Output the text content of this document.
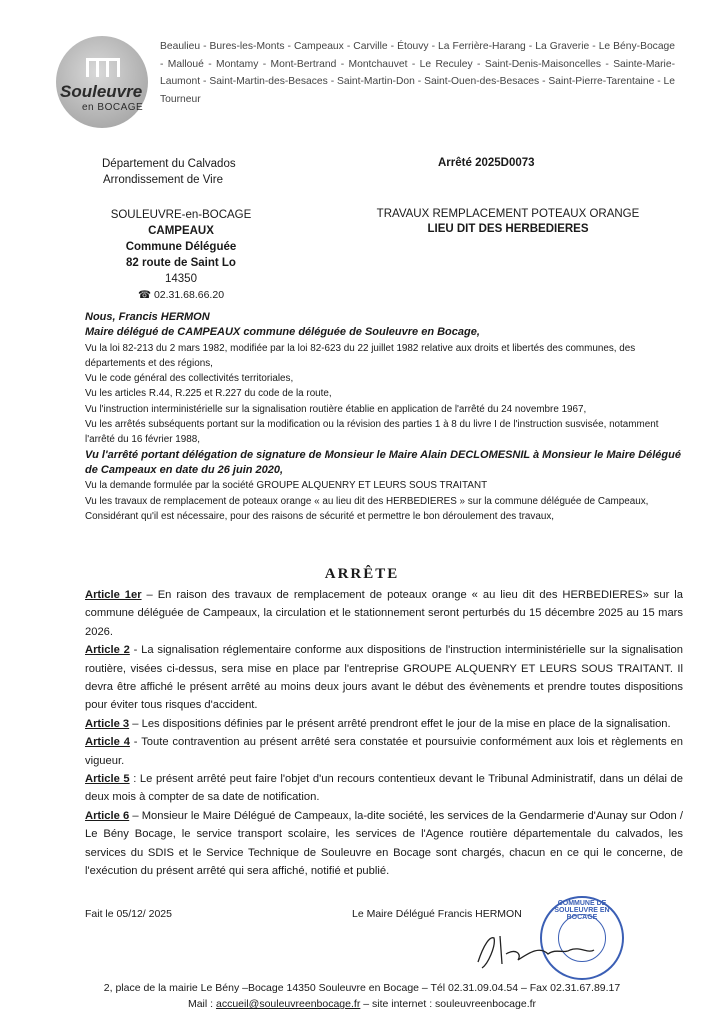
Souleuvre
en BOCAGE
Beaulieu - Bures-les-Monts - Campeaux - Carville - Étouvy - La Ferrière-Harang - La Graverie - Le Bény-Bocage - Malloué - Montamy - Mont-Bertrand - Montchauvet - Le Reculey - Saint-Denis-Maisoncelles - Sainte-Marie-Laumont - Saint-Martin-des-Besaces - Saint-Martin-Don - Saint-Ouen-des-Besaces - Saint-Pierre-Tarentaine - Le Tourneur
Département du Calvados
Arrondissement de Vire
Arrêté 2025D0073
SOULEUVRE-en-BOCAGE
CAMPEAUX
Commune Déléguée
82 route de Saint Lo
14350
☎ 02.31.68.66.20
TRAVAUX REMPLACEMENT POTEAUX ORANGE
LIEU DIT DES HERBEDIERES

Nous, Francis HERMON

Maire délégué de CAMPEAUX commune déléguée de Souleuvre en Bocage,

Vu la loi 82-213 du 2 mars 1982, modifiée par la loi 82-623 du 22 juillet 1982 relative aux droits et libertés des communes, des départements et des régions,

Vu le code général des collectivités territoriales,

Vu les articles R.44, R.225 et R.227 du code de la route,

Vu l'instruction interministérielle sur la signalisation routière établie en application de l'arrêté du 24 novembre 1967,

Vu les arrêtés subséquents portant sur la modification ou la révision des parties 1 à 8 du livre I de l'instruction susvisée, notamment l'arrêté du 16 février 1988,

Vu l'arrêté portant délégation de signature de Monsieur le Maire Alain DECLOMESNIL à Monsieur le Maire Délégué de Campeaux en date du 26 juin 2020,

Vu la demande formulée par la société GROUPE ALQUENRY ET LEURS SOUS TRAITANT

Vu les travaux de remplacement de poteaux orange « au lieu dit des HERBEDIERES » sur la commune déléguée de Campeaux,

Considérant qu'il est nécessaire, pour des raisons de sécurité et permettre le bon déroulement des travaux,

ARRÊTE

Article 1er – En raison des travaux de remplacement de poteaux orange « au lieu dit des HERBEDIERES» sur la commune déléguée de Campeaux, la circulation et le stationnement seront perturbés du 15 décembre 2025 au 15 mars 2026.

Article 2 - La signalisation réglementaire conforme aux dispositions de l'instruction interministérielle sur la signalisation routière, visées ci-dessus, sera mise en place par l'entreprise GROUPE ALQUENRY ET LEURS SOUS TRAITANT. Il devra être affiché le présent arrêté au moins deux jours avant le début des évènements et prendre toutes dispositions pour éviter tous risques d'accident.

Article 3 – Les dispositions définies par le présent arrêté prendront effet le jour de la mise en place de la signalisation.

Article 4 - Toute contravention au présent arrêté sera constatée et poursuivie conformément aux lois et règlements en vigueur.

Article 5 : Le présent arrêté peut faire l'objet d'un recours contentieux devant le Tribunal Administratif, dans un délai de deux mois à compter de sa date de notification.

Article 6 – Monsieur le Maire Délégué de Campeaux, la-dite société, les services de la Gendarmerie d'Aunay sur Odon / Le Bény Bocage, le service transport scolaire, les services de l'Agence routière départementale du calvados, les services du SDIS et le Service Technique de Souleuvre en Bocage sont chargés, chacun en ce qui le concerne, de l'exécution du présent arrêté qui sera affiché, notifié et publié.

Fait le 05/12/ 2025	Le Maire Délégué Francis HERMON
COMMUNE DE SOULEUVRE EN BOCAGE
2, place de la mairie Le Bény –Bocage 14350 Souleuvre en Bocage – Tél 02.31.09.04.54 – Fax 02.31.67.89.17
Mail : accueil@souleuvreenbocage.fr – site internet : souleuvreenbocage.fr
